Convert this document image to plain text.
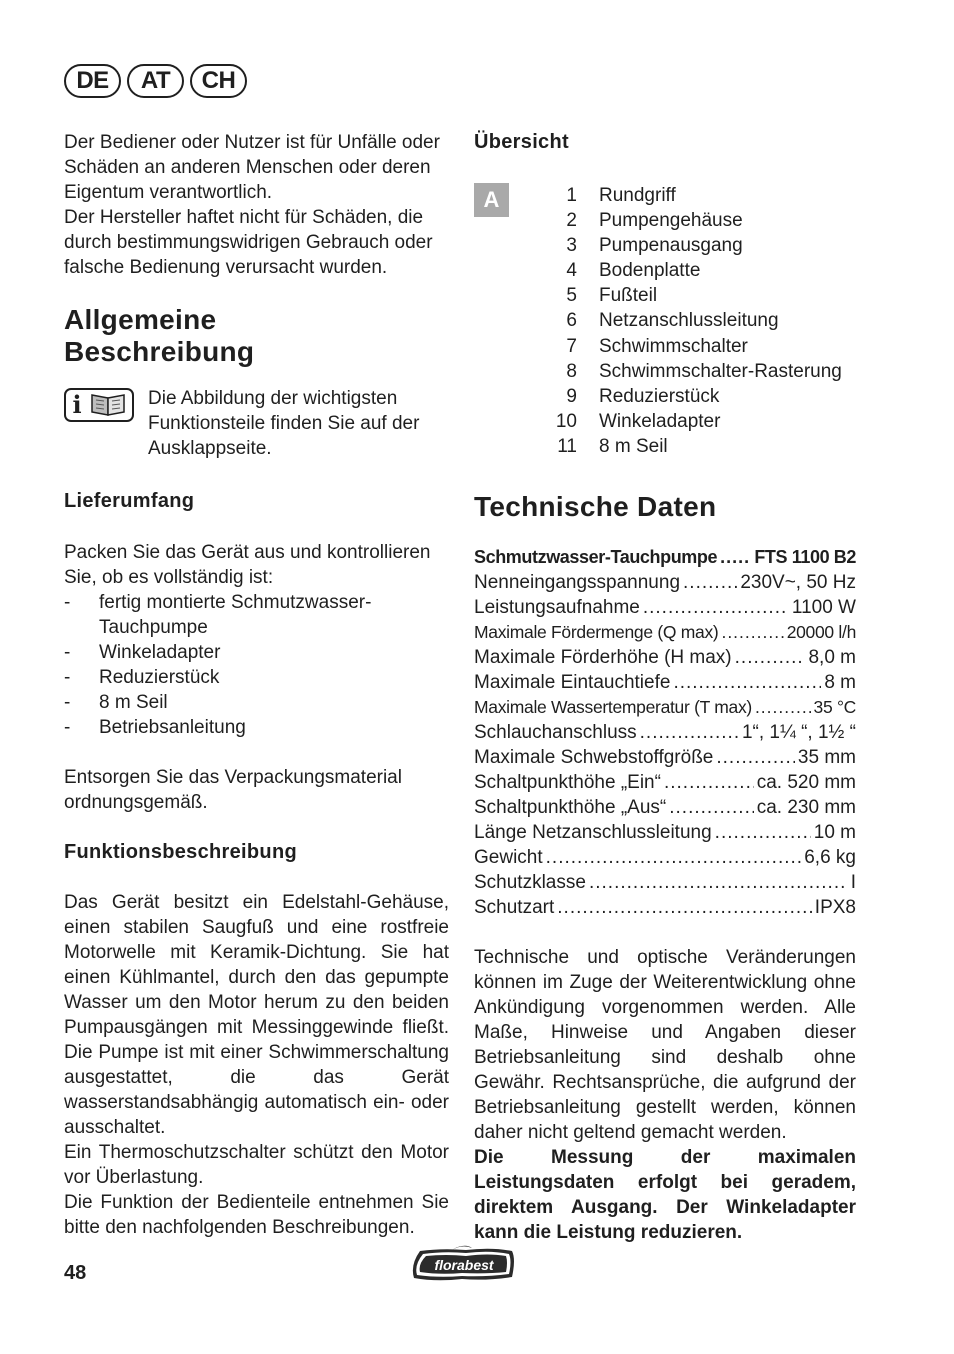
DE	AT	CH

Der Bediener oder Nutzer ist für Unfälle oder Schäden an anderen Menschen oder deren Eigentum verantwortlich.

Der Hersteller haftet nicht für Schäden, die durch bestimmungswidrigen Gebrauch oder falsche Bedienung verursacht wurden.

Allgemeine
Beschreibung
i	Die Abbildung der wichtigsten Funktionsteile finden Sie auf der Ausklappseite.
Lieferumfang
Packen Sie das Gerät aus und kontrollieren Sie, ob es vollständig ist:
-	fertig montierte Schmutzwasser-Tauchpumpe
-	Winkeladapter
-	Reduzierstück
-	8 m Seil
-	Betriebsanleitung
Entsorgen Sie das Verpackungsmaterial ordnungsgemäß.
Funktionsbeschreibung

Das Gerät besitzt ein Edelstahl-Gehäuse, einen stabilen Saugfuß und eine rostfreie Motorwelle mit Keramik-Dichtung. Sie hat einen Kühlmantel, durch den das gepumpte Wasser um den Motor herum zu den beiden Pumpausgängen mit Messinggewinde fließt. Die Pumpe ist mit einer Schwimmerschaltung ausgestattet, die das Gerät wasserstandsabhängig automatisch ein- oder ausschaltet.

Ein Thermoschutzschalter schützt den Motor vor Überlastung.

Die Funktion der Bedienteile entnehmen Sie bitte den nachfolgenden Beschreibungen.

Übersicht
A	1	Rundgriff
2	Pumpengehäuse
3	Pumpenausgang
4	Bodenplatte
5	Fußteil
6	Netzanschlussleitung
7	Schwimmschalter
8	Schwimmschalter-Rasterung
9	Reduzierstück
10	Winkeladapter
11	8 m Seil
Technische Daten
Schmutzwasser-Tauchpumpe ..... FTS 1100 B2
Nenneingangsspannung .....	230V~, 50 Hz
Leistungsaufnahme .....	1100 W
Maximale Fördermenge (Q max) .....	20000 l/h
Maximale Förderhöhe (H max) .....	8,0 m
Maximale Eintauchtiefe .....	8 m
Maximale Wassertemperatur (T max) .....	35 °C
Schlauchanschluss .....	1“, 1¼ “, 1½ “
Maximale Schwebstoffgröße .....	35 mm
Schaltpunkthöhe „Ein“ .....	ca. 520 mm
Schaltpunkthöhe „Aus“ .....	ca. 230 mm
Länge Netzanschlussleitung .....	10 m
Gewicht .....	6,6 kg
Schutzklasse .....	I
Schutzart .....	IPX8
Technische und optische Veränderungen können im Zuge der Weiterentwicklung ohne Ankündigung vorgenommen werden. Alle Maße, Hinweise und Angaben dieser Betriebsanleitung sind deshalb ohne Gewähr. Rechtsansprüche, die aufgrund der Betriebsanleitung gestellt werden, können daher nicht geltend gemacht werden.
Die Messung der maximalen Leistungsdaten erfolgt bei geradem, direktem Ausgang. Der Winkeladapter kann die Leistung reduzieren.
48	florabest
